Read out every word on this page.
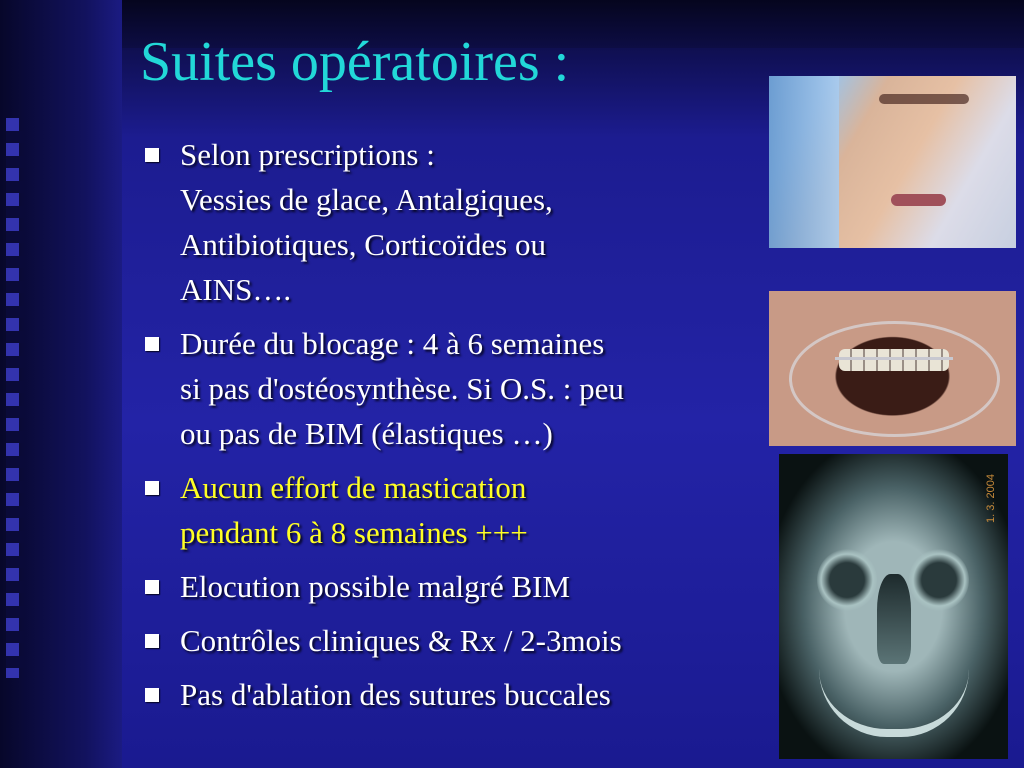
Suites opératoires :
Selon prescriptions :
Vessies de glace, Antalgiques,
Antibiotiques, Corticoïdes ou
AINS….
Durée du blocage : 4 à 6 semaines
si pas d'ostéosynthèse. Si O.S. : peu
ou pas de BIM (élastiques …)
Aucun effort de mastication
pendant 6 à 8 semaines +++
Elocution possible malgré BIM
Contrôles cliniques & Rx / 2-3mois
Pas d'ablation des sutures buccales
1. 3. 2004
